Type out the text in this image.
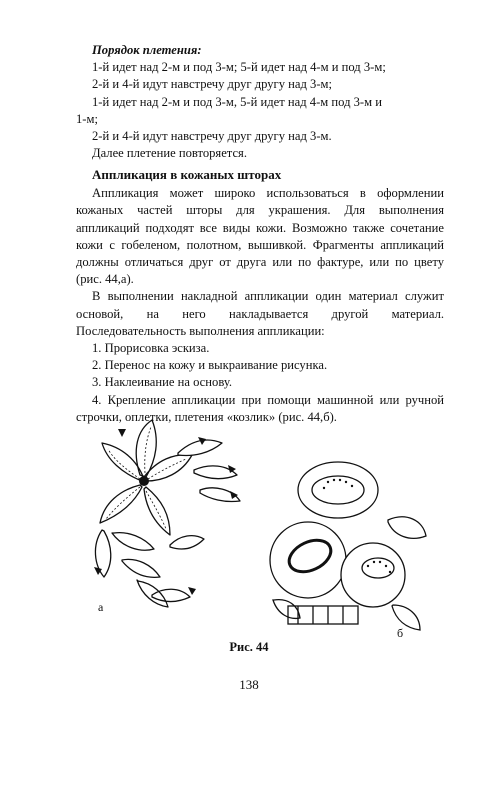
Порядок плетения:

1-й идет над 2-м и под 3-м; 5-й идет над 4-м и под 3-м;

2-й и 4-й идут навстречу друг другу над 3-м;

1-й идет над 2-м и под 3-м, 5-й идет над 4-м под 3-м и

1-м;

2-й и 4-й идут навстречу друг другу над 3-м.

Далее плетение повторяется.

Аппликация в кожаных шторах

Аппликация может широко использоваться в оформлении кожаных частей шторы для украшения. Для выполнения аппликаций подходят все виды кожи. Возможно также сочетание кожи с гобеленом, полотном, вышивкой. Фрагменты аппликаций должны отличаться друг от друга или по фактуре, или по цвету (рис. 44,а).

В выполнении накладной аппликации один материал служит основой, на него накладывается другой материал. Последовательность выполнения аппликации:

1. Прорисовка эскиза.

2. Перенос на кожу и выкраивание рисунка.

3. Наклеивание на основу.

4. Крепление аппликации при помощи машинной или ручной строчки, оплетки, плетения «козлик» (рис. 44,б).

а
б
Рис. 44
138
